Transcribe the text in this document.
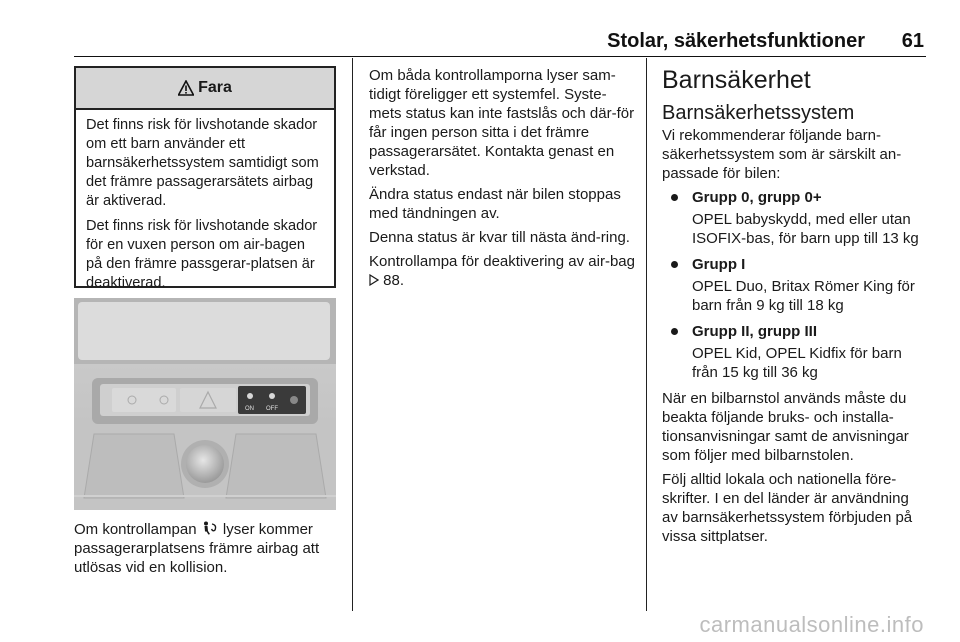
Stolar, säkerhetsfunktioner 61
Fara

Det finns risk för livshotande skador om ett barn använder ett barnsäkerhetssystem samtidigt som det främre passagerarsätets airbag är aktiverad.

Det finns risk för livshotande skador för en vuxen person om air-bagen på den främre passgerar-platsen är deaktiverad.

ON OFF

Om kontrollampan  lyser kommer passagerarplatsens främre airbag att utlösas vid en kollision.

Om båda kontrollamporna lyser sam-tidigt föreligger ett systemfel. Syste-mets status kan inte fastslås och där-för får ingen person sitta i det främre passagerarsätet. Kontakta genast en verkstad.

Ändra status endast när bilen stoppas med tändningen av.

Denna status är kvar till nästa änd-ring.

Kontrollampa för deaktivering av air-bag  88.

Barnsäkerhet
Barnsäkerhetssystem

Vi rekommenderar följande barn-säkerhetssystem som är särskilt an-passade för bilen:

Grupp 0, grupp 0+
OPEL babyskydd, med eller utan ISOFIX-bas, för barn upp till 13 kg
Grupp I
OPEL Duo, Britax Römer King för barn från 9 kg till 18 kg
Grupp II, grupp III
OPEL Kid, OPEL Kidfix för barn från 15 kg till 36 kg

När en bilbarnstol används måste du beakta följande bruks- och installa-tionsanvisningar samt de anvisningar som följer med bilbarnstolen.

Följ alltid lokala och nationella före-skrifter. I en del länder är användning av barnsäkerhetssystem förbjuden på vissa sittplatser.

carmanualsonline.info
